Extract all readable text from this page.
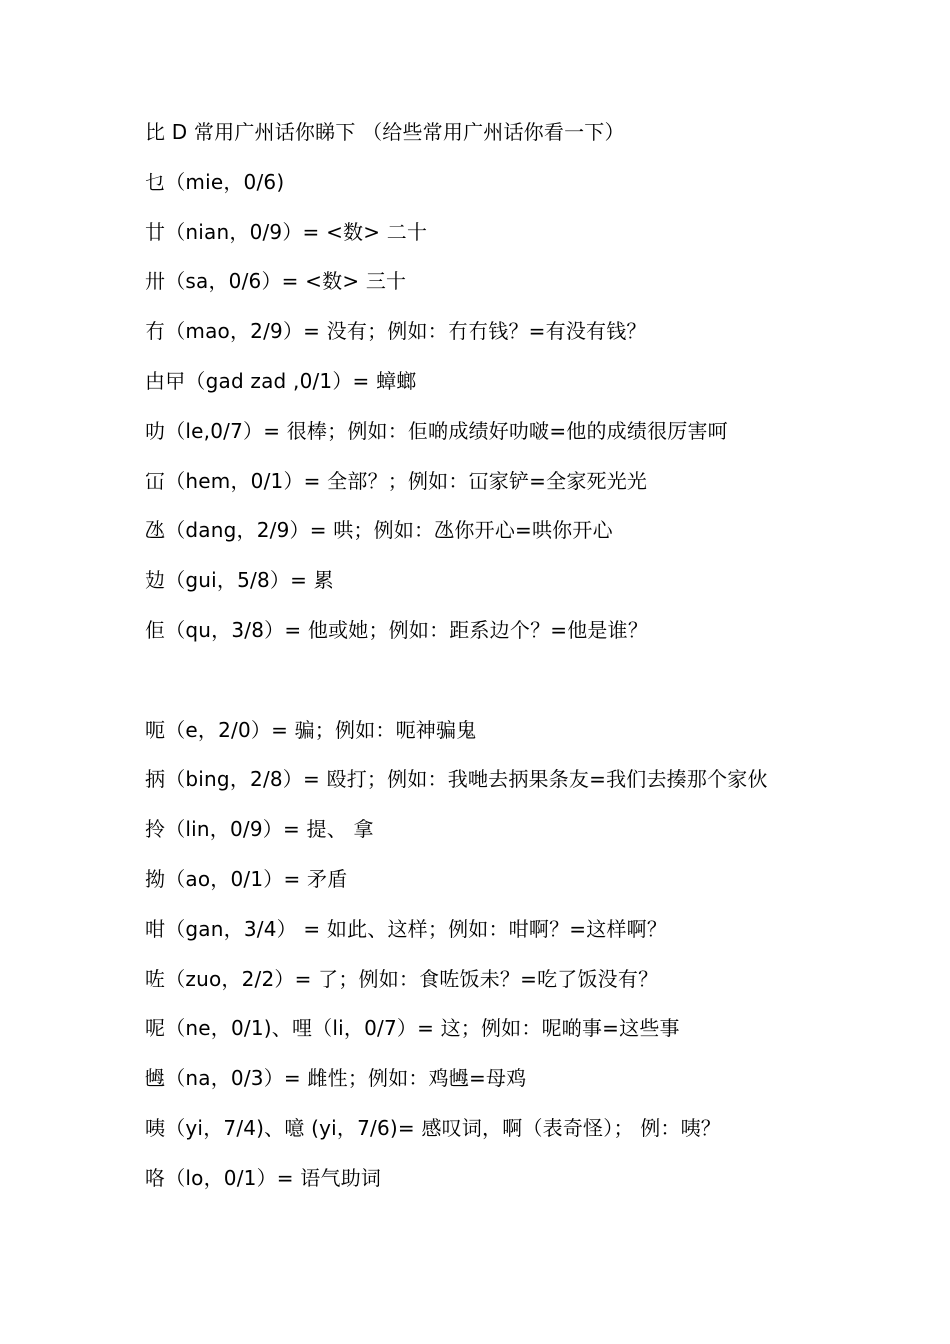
比 D 常用广州话你睇下 （给些常用广州话你看一下）
乜（mie，0/6)
廿（nian，0/9）= <数> 二十
卅（sa，0/6）= <数> 三十
冇（mao，2/9）= 没有；例如：冇冇钱？=有没有钱？
甴曱（gad zad ,0/1）= 蟑螂
叻（le,0/7）= 很棒；例如：佢啲成绩好叻啵=他的成绩很厉害呵
冚（hem，0/1）= 全部？；例如：冚家铲=全家死光光
氹（dang，2/9）= 哄；例如：氹你开心=哄你开心
攰（gui，5/8）= 累
佢（qu，3/8）= 他或她；例如：距系边个？=他是谁？
呃（e，2/0）= 骗；例如：呃神骗鬼
抦（bing，2/8）= 殴打；例如：我哋去抦果条友=我们去揍那个家伙
拎（lin，0/9）= 提、 拿
拗（ao，0/1）= 矛盾
咁（gan，3/4） = 如此、这样；例如：咁啊？=这样啊？
咗（zuo，2/2）= 了；例如：食咗饭未？=吃了饭没有？
呢（ne，0/1)、哩（li，0/7）= 这；例如：呢啲事=这些事
乸（na，0/3）= 雌性；例如：鸡乸=母鸡
咦（yi，7/4)、噫 (yi，7/6)= 感叹词，啊（表奇怪）； 例：咦？
咯（lo，0/1）= 语气助词
